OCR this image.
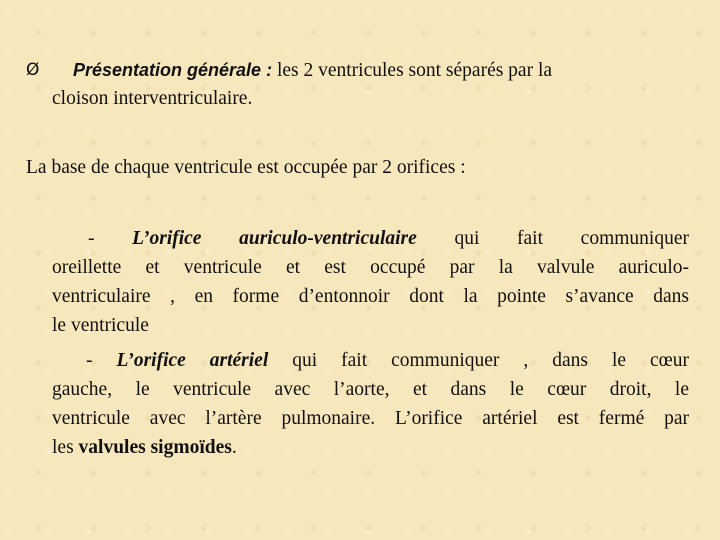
Ø Présentation générale : les 2 ventricules sont séparés par la
cloison interventriculaire.
La base de chaque ventricule est occupée par 2 orifices :
- L’orifice auriculo-ventriculaire qui fait communiquer
oreillette et ventricule et est occupé par la valvule auriculo-
ventriculaire , en forme d’entonnoir dont la pointe s’avance dans
le ventricule
- L’orifice artériel qui fait communiquer , dans le cœur
gauche, le ventricule avec l’aorte, et dans le cœur droit, le
ventricule avec l’artère pulmonaire. L’orifice artériel est fermé par
les valvules sigmoïdes.
